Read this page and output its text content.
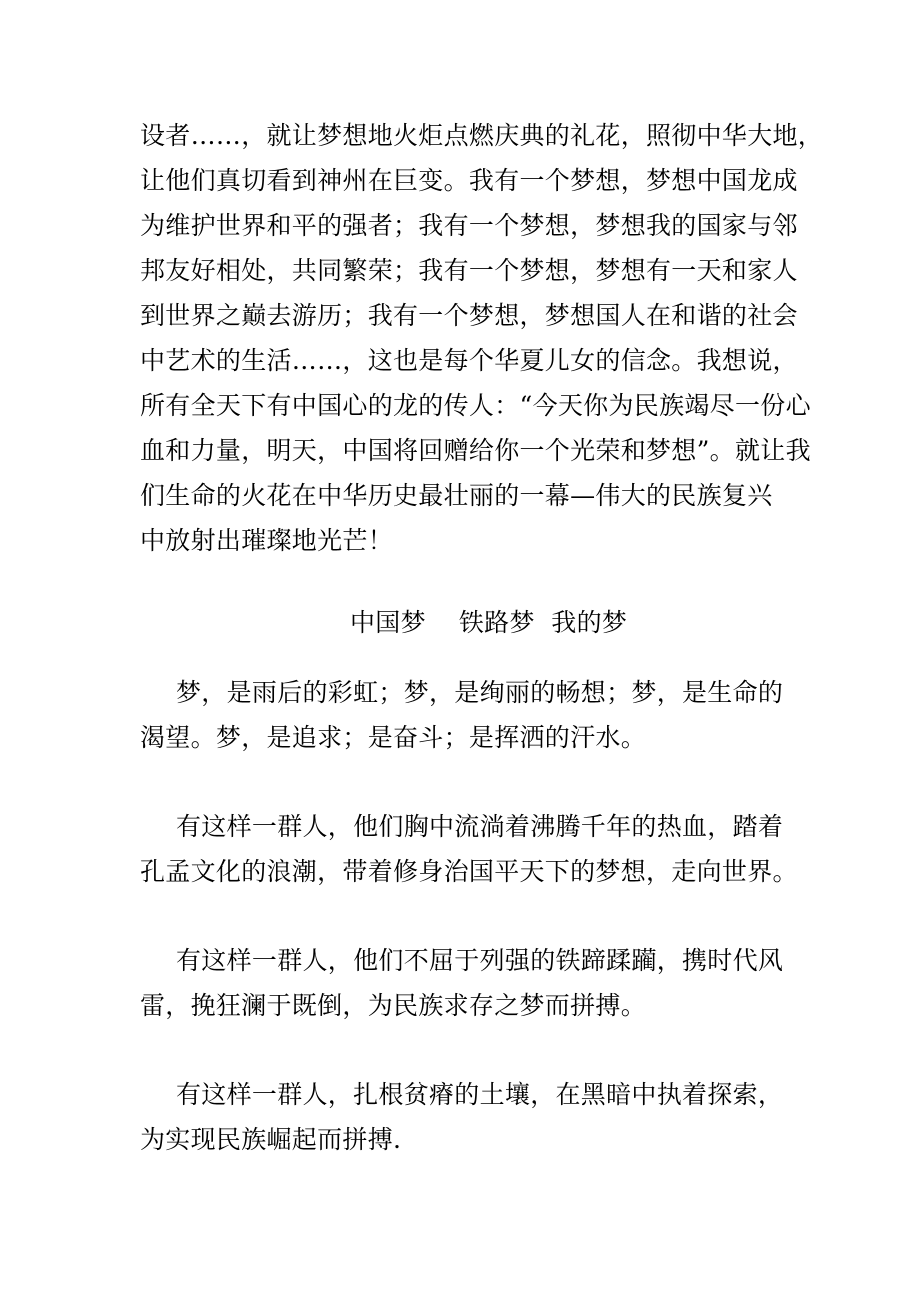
设者……，就让梦想地火炬点燃庆典的礼花，照彻中华大地，
让他们真切看到神州在巨变。我有一个梦想，梦想中国龙成
为维护世界和平的强者；我有一个梦想，梦想我的国家与邻
邦友好相处，共同繁荣；我有一个梦想，梦想有一天和家人
到世界之巅去游历；我有一个梦想，梦想国人在和谐的社会
中艺术的生活……，这也是每个华夏儿女的信念。我想说，
所有全天下有中国心的龙的传人：“今天你为民族竭尽一份心
血和力量，明天，中国将回赠给你一个光荣和梦想”。就让我
们生命的火花在中华历史最壮丽的一幕—伟大的民族复兴
中放射出璀璨地光芒！
中国梦    铁路梦  我的梦
梦，是雨后的彩虹；梦，是绚丽的畅想；梦，是生命的
渴望。梦，是追求；是奋斗；是挥洒的汗水。
有这样一群人，他们胸中流淌着沸腾千年的热血，踏着
孔孟文化的浪潮，带着修身治国平天下的梦想，走向世界。
有这样一群人，他们不屈于列强的铁蹄蹂躏，携时代风
雷，挽狂澜于既倒，为民族求存之梦而拼搏。
有这样一群人，扎根贫瘠的土壤，在黑暗中执着探索，
为实现民族崛起而拼搏.
